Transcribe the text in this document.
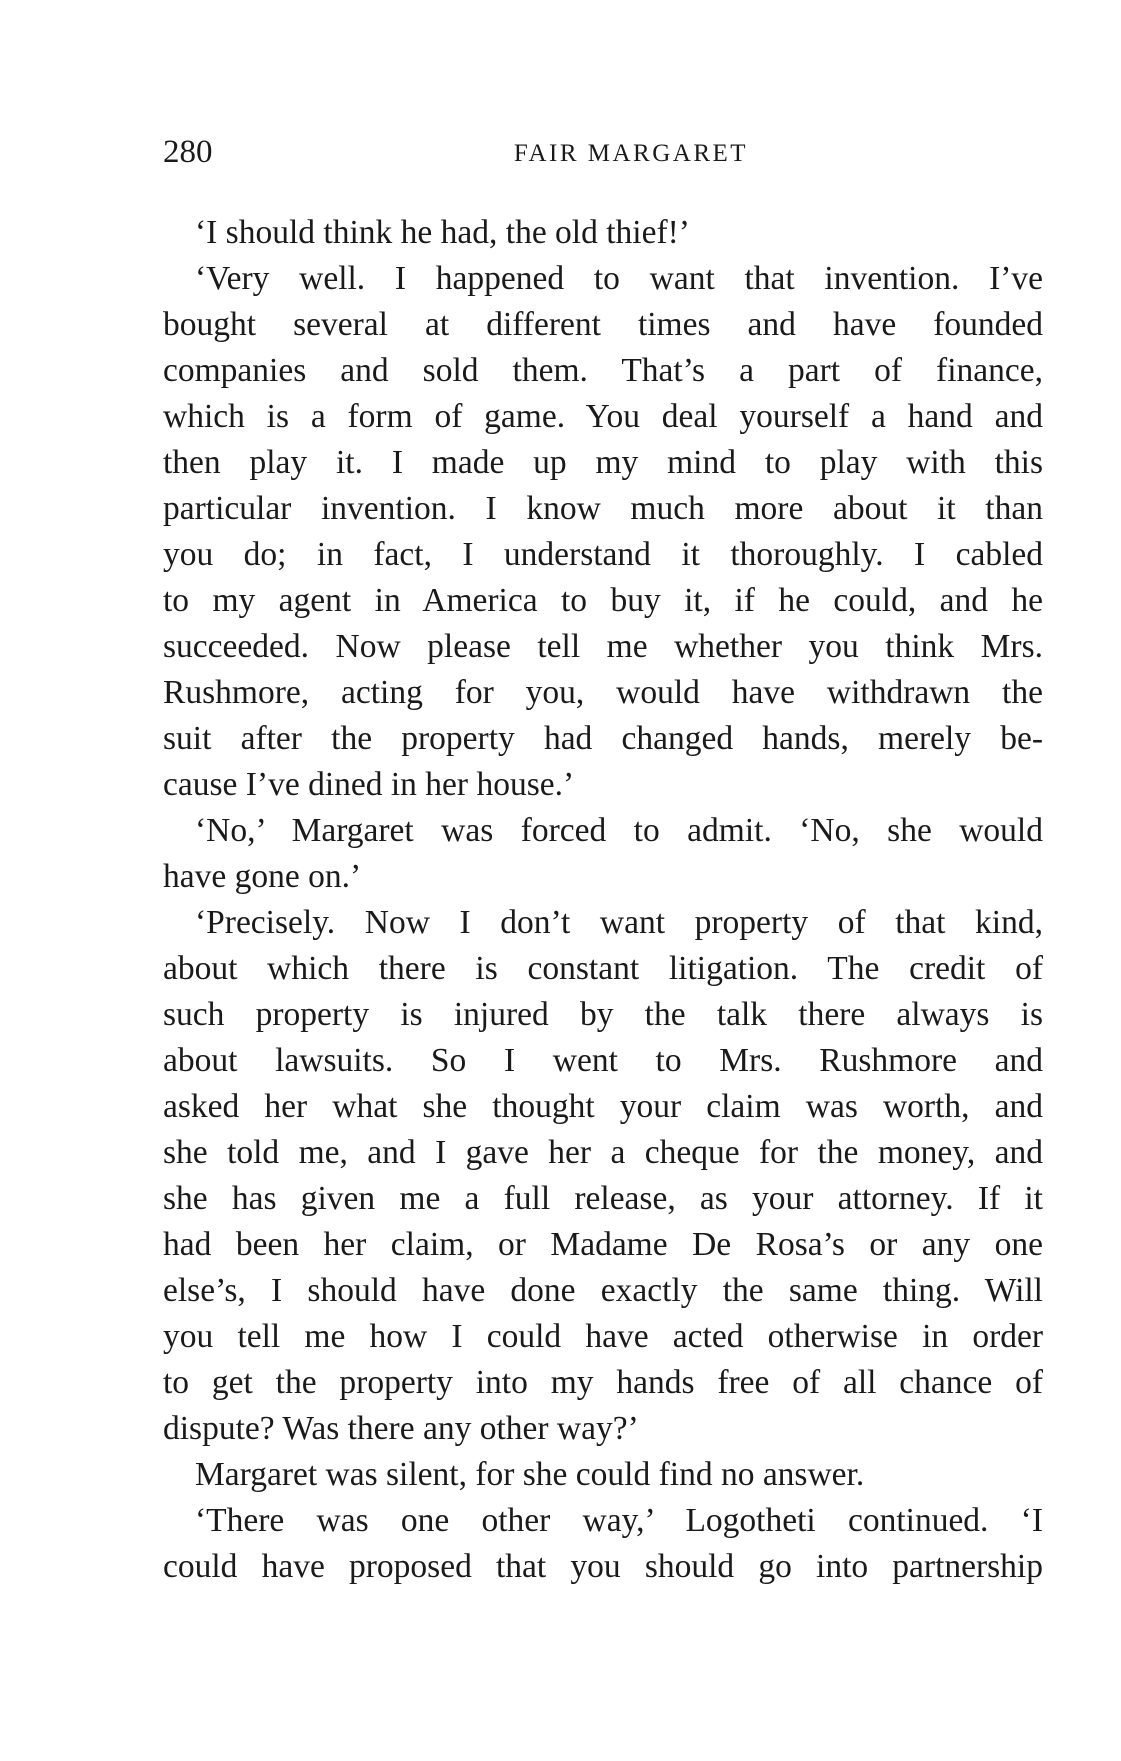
280	FAIR MARGARET
‘I should think he had, the old thief!’
‘Very well. I happened to want that invention. I’ve
bought several at different times and have founded
companies and sold them. That’s a part of finance,
which is a form of game. You deal yourself a hand and
then play it. I made up my mind to play with this
particular invention. I know much more about it than
you do; in fact, I understand it thoroughly. I cabled
to my agent in America to buy it, if he could, and he
succeeded. Now please tell me whether you think Mrs.
Rushmore, acting for you, would have withdrawn the
suit after the property had changed hands, merely be-
cause I’ve dined in her house.’
‘No,’ Margaret was forced to admit. ‘No, she would
have gone on.’
‘Precisely. Now I don’t want property of that kind,
about which there is constant litigation. The credit of
such property is injured by the talk there always is
about lawsuits. So I went to Mrs. Rushmore and
asked her what she thought your claim was worth, and
she told me, and I gave her a cheque for the money, and
she has given me a full release, as your attorney. If it
had been her claim, or Madame De Rosa’s or any one
else’s, I should have done exactly the same thing. Will
you tell me how I could have acted otherwise in order
to get the property into my hands free of all chance of
dispute? Was there any other way?’
Margaret was silent, for she could find no answer.
‘There was one other way,’ Logotheti continued. ‘I
could have proposed that you should go into partnership
